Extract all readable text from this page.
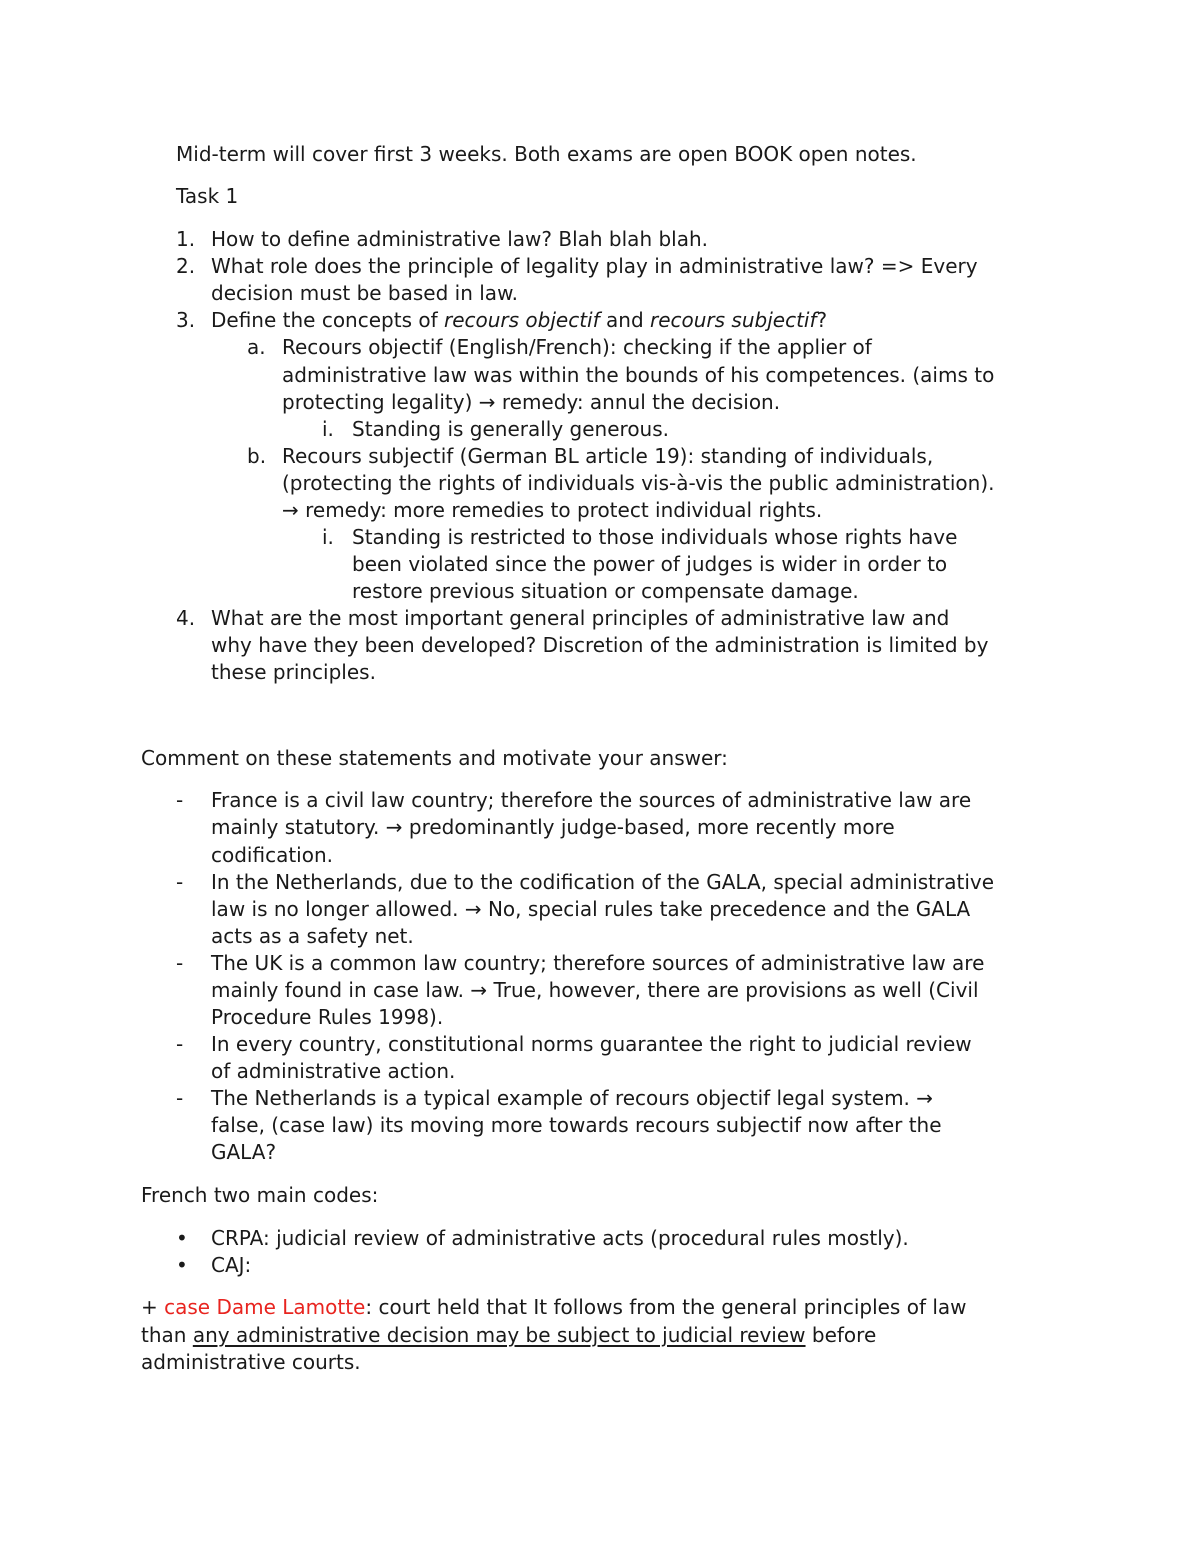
Mid-term will cover first 3 weeks. Both exams are open BOOK open notes.
Task 1
1. How to define administrative law? Blah blah blah.
2. What role does the principle of legality play in administrative law? => Every
decision must be based in law.
3. Define the concepts of recours objectif and recours subjectif?
a. Recours objectif (English/French): checking if the applier of
administrative law was within the bounds of his competences. (aims to
protecting legality) → remedy: annul the decision.
i. Standing is generally generous.
b. Recours subjectif (German BL article 19): standing of individuals,
(protecting the rights of individuals vis-à-vis the public administration).
→ remedy: more remedies to protect individual rights.
i. Standing is restricted to those individuals whose rights have
been violated since the power of judges is wider in order to
restore previous situation or compensate damage.
4. What are the most important general principles of administrative law and
why have they been developed? Discretion of the administration is limited by
these principles.
Comment on these statements and motivate your answer:
- France is a civil law country; therefore the sources of administrative law are
mainly statutory. → predominantly judge-based, more recently more
codification.
- In the Netherlands, due to the codification of the GALA, special administrative
law is no longer allowed. → No, special rules take precedence and the GALA
acts as a safety net.
- The UK is a common law country; therefore sources of administrative law are
mainly found in case law. → True, however, there are provisions as well (Civil
Procedure Rules 1998).
- In every country, constitutional norms guarantee the right to judicial review
of administrative action.
- The Netherlands is a typical example of recours objectif legal system. →
false, (case law) its moving more towards recours subjectif now after the
GALA?
French two main codes:
• CRPA: judicial review of administrative acts (procedural rules mostly).
• CAJ:
+ case Dame Lamotte: court held that It follows from the general principles of law
than any administrative decision may be subject to judicial review before
administrative courts.
